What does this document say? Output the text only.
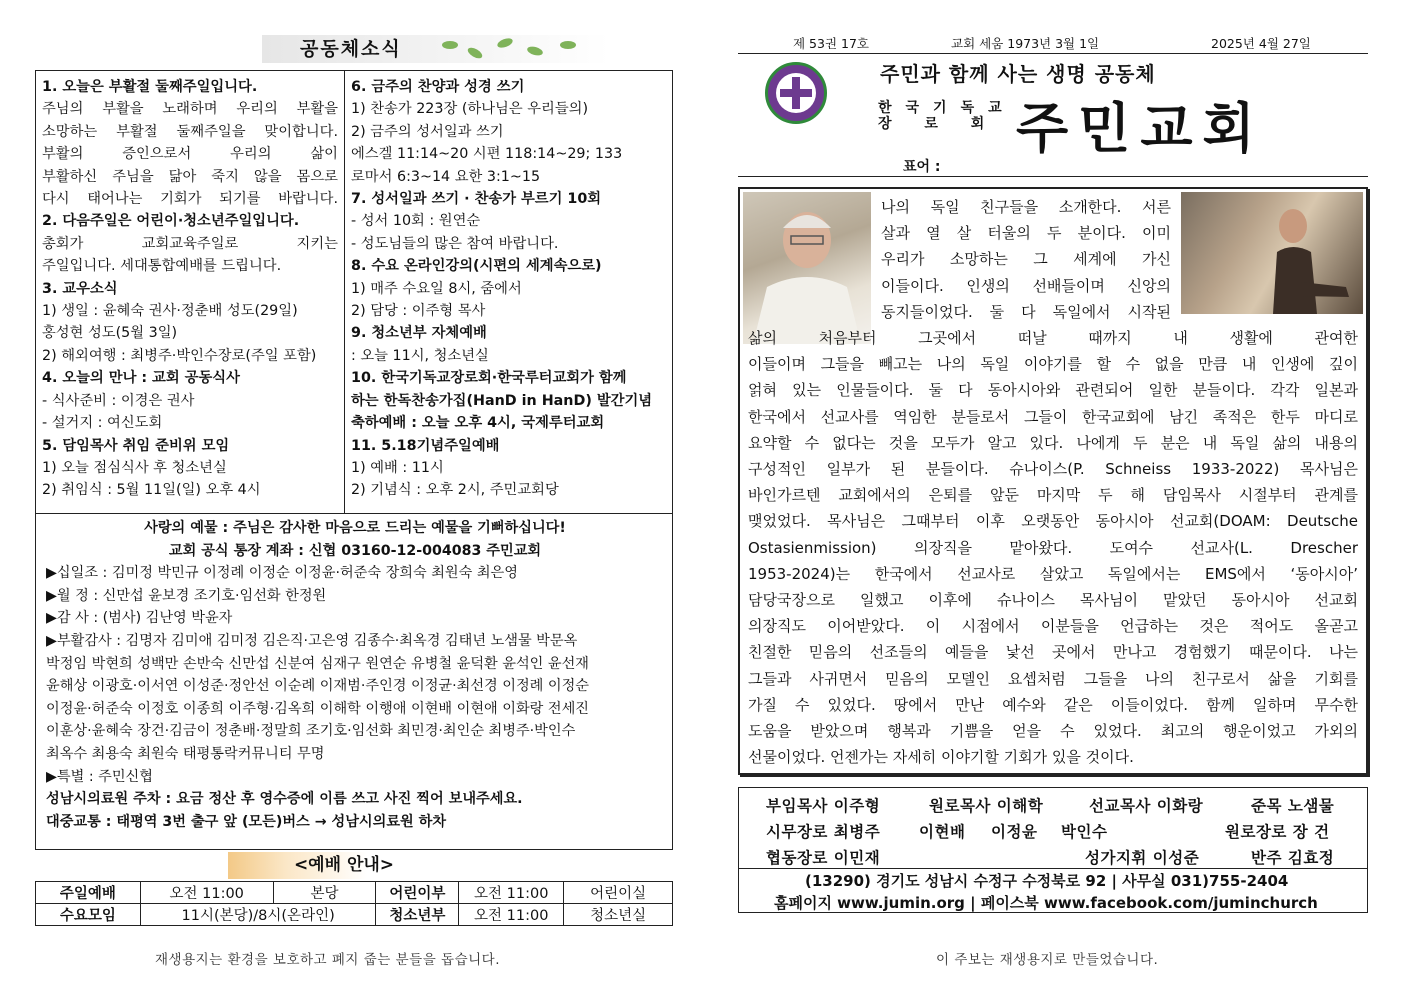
공동체소식
1. 오늘은 부활절 둘째주일입니다.
주님의 부활을 노래하며 우리의 부활을
소망하는 부활절 둘째주일을 맞이합니다.
부활의 증인으로서 우리의 삶이
부활하신 주님을 닮아 죽지 않을 몸으로
다시 태어나는 기회가 되기를 바랍니다.
2. 다음주일은 어린이·청소년주일입니다.
총회가 교회교육주일로 지키는
주일입니다. 세대통합예배를 드립니다.
3. 교우소식
1) 생일 : 윤혜숙 권사·정춘배 성도(29일)
홍성현 성도(5월 3일)
2) 해외여행 : 최병주·박인수장로(주일 포함)
4. 오늘의 만나 : 교회 공동식사
- 식사준비 : 이경은 권사
- 설거지 : 여신도회
5. 담임목사 취임 준비위 모임
1) 오늘 점심식사 후 청소년실
2) 취임식 : 5월 11일(일) 오후 4시
6. 금주의 찬양과 성경 쓰기
1) 찬송가 223장 (하나님은 우리들의)
2) 금주의 성서일과 쓰기
에스겔 11:14~20 시편 118:14~29; 133
로마서 6:3~14 요한 3:1~15
7. 성서일과 쓰기 · 찬송가 부르기 10회
- 성서 10회 : 원연순
- 성도님들의 많은 참여 바랍니다.
8. 수요 온라인강의(시편의 세계속으로)
1) 매주 수요일 8시, 줌에서
2) 담당 : 이주형 목사
9. 청소년부 자체예배
: 오늘 11시, 청소년실
10. 한국기독교장로회·한국루터교회가 함께
하는 한독찬송가집(HanD in HanD) 발간기념
축하예배 : 오늘 오후 4시, 국제루터교회
11. 5.18기념주일예배
1) 예배 : 11시
2) 기념식 : 오후 2시, 주민교회당
사랑의 예물 : 주님은 감사한 마음으로 드리는 예물을 기뻐하십니다!
교회 공식 통장 계좌 : 신협 03160-12-004083 주민교회
▶십일조 : 김미정 박민규 이정례 이정순 이정윤·허준숙 장희숙 최원숙 최은영
▶월 정 : 신만섭 윤보경 조기호·임선화 한정원
▶감 사 : (범사) 김난영 박윤자
▶부활감사 : 김명자 김미애 김미정 김은직·고은영 김종수·최옥경 김태년 노샘물 박문옥
박정임 박현희 성백만 손반숙 신만섭 신분여 심재구 원연순 유병철 윤덕환 윤석인 윤선재
윤해상 이광호·이서연 이성준·정안선 이순례 이재범·주인경 이정균·최선경 이정례 이정순
이정윤·허준숙 이정호 이종희 이주형·김옥희 이해학 이행애 이현배 이현애 이화랑 전세진
이훈상·윤혜숙 장건·김금이 정춘배·정말희 조기호·임선화 최민경·최인순 최병주·박인수
최옥수 최용숙 최원숙 태평통락커뮤니티 무명
▶특별 : 주민신협
성남시의료원 주차 : 요금 정산 후 영수증에 이름 쓰고 사진 찍어 보내주세요.
대중교통 : 태평역 3번 출구 앞 (모든)버스 → 성남시의료원 하차
<예배 안내>
주일예배	오전 11:00	본당	어린이부	오전 11:00	어린이실
수요모임	11시(본당)/8시(온라인)		청소년부	오전 11:00	청소년실
재생용지는 환경을 보호하고 폐지 줍는 분들을 돕습니다.
제 53권 17호	교회 세움 1973년 3월 1일	2025년 4월 27일
주민과 함께 사는 생명 공동체
한국기독교
장 로 회 주민교회
표어 :
나의 독일 친구들을 소개한다. 서른
살과 열 살 터울의 두 분이다. 이미
우리가 소망하는 그 세계에 가신
이들이다. 인생의 선배들이며 신앙의
동지들이었다. 둘 다 독일에서 시작된
삶의 처음부터 그곳에서 떠날 때까지 내 생활에 관여한
이들이며 그들을 빼고는 나의 독일 이야기를 할 수 없을 만큼 내 인생에 깊이
얽혀 있는 인물들이다. 둘 다 동아시아와 관련되어 일한 분들이다. 각각 일본과
한국에서 선교사를 역임한 분들로서 그들이 한국교회에 남긴 족적은 한두 마디로
요약할 수 없다는 것을 모두가 알고 있다. 나에게 두 분은 내 독일 삶의 내용의
구성적인 일부가 된 분들이다. 슈나이스(P. Schneiss 1933-2022) 목사님은
바인가르텐 교회에서의 은퇴를 앞둔 마지막 두 해 담임목사 시절부터 관계를
맺었었다. 목사님은 그때부터 이후 오랫동안 동아시아 선교회(DOAM: Deutsche
Ostasienmission) 의장직을 맡아왔다. 도여수 선교사(L. Drescher
1953-2024)는 한국에서 선교사로 살았고 독일에서는 EMS에서 ‘동아시아’
담당국장으로 일했고 이후에 슈나이스 목사님이 맡았던 동아시아 선교회
의장직도 이어받았다. 이 시점에서 이분들을 언급하는 것은 적어도 올곧고
친절한 믿음의 선조들의 예들을 낯선 곳에서 만나고 경험했기 때문이다. 나는
그들과 사귀면서 믿음의 모델인 요셉처럼 그들을 나의 친구로서 삶을 기회를
가질 수 있었다. 땅에서 만난 예수와 같은 이들이었다. 함께 일하며 무수한
도움을 받았으며 행복과 기쁨을 얻을 수 있었다. 최고의 행운이었고 가외의
선물이었다. 언젠가는 자세히 이야기할 기회가 있을 것이다.
부임목사 이주형	원로목사 이해학	선교목사 이화랑	준목 노샘물
시무장로 최병주	이현배 이정윤 박인수	원로장로 장 건
협동장로 이민재	성가지휘 이성준	반주 김효정
(13290) 경기도 성남시 수정구 수정북로 92 | 사무실 031)755-2404
홈페이지 www.jumin.org | 페이스북 www.facebook.com/juminchurch
이 주보는 재생용지로 만들었습니다.
